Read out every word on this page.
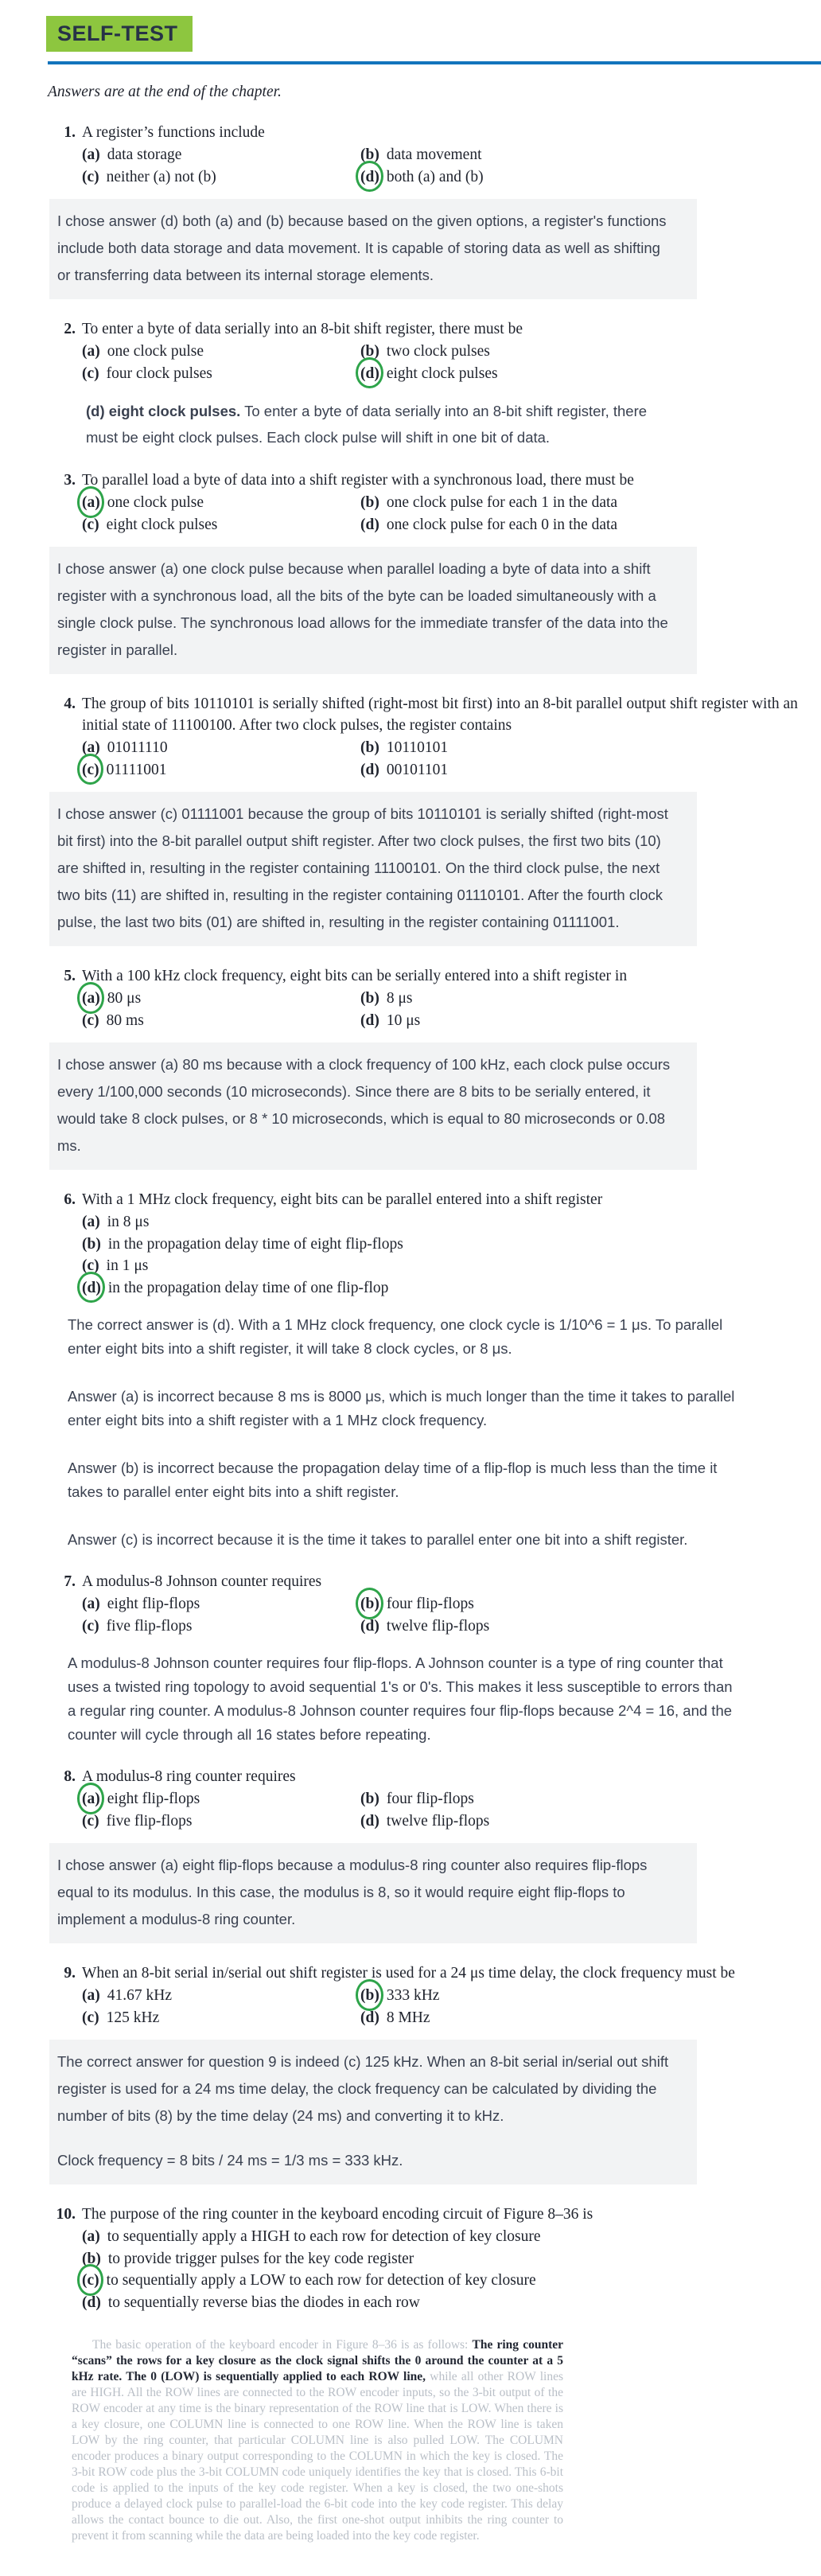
SELF-TEST

Answers are at the end of the chapter.

1. A register’s functions include
(a) data storage	(b) data movement
(c) neither (a) not (b)	(d) both (a) and (b)

I chose answer (d) both (a) and (b) because based on the given options, a register's functions include both data storage and data movement. It is capable of storing data as well as shifting or transferring data between its internal storage elements.

2. To enter a byte of data serially into an 8-bit shift register, there must be
(a) one clock pulse	(b) two clock pulses
(c) four clock pulses	(d) eight clock pulses

(d) eight clock pulses. To enter a byte of data serially into an 8-bit shift register, there must be eight clock pulses. Each clock pulse will shift in one bit of data.

3. To parallel load a byte of data into a shift register with a synchronous load, there must be
(a) one clock pulse	(b) one clock pulse for each 1 in the data
(c) eight clock pulses	(d) one clock pulse for each 0 in the data

I chose answer (a) one clock pulse because when parallel loading a byte of data into a shift register with a synchronous load, all the bits of the byte can be loaded simultaneously with a single clock pulse. The synchronous load allows for the immediate transfer of the data into the register in parallel.

4. The group of bits 10110101 is serially shifted (right-most bit first) into an 8-bit parallel output shift register with an initial state of 11100100. After two clock pulses, the register contains
(a) 01011110	(b) 10110101
(c) 01111001	(d) 00101101

I chose answer (c) 01111001 because the group of bits 10110101 is serially shifted (right-most bit first) into the 8-bit parallel output shift register. After two clock pulses, the first two bits (10) are shifted in, resulting in the register containing 11100101. On the third clock pulse, the next two bits (11) are shifted in, resulting in the register containing 01110101. After the fourth clock pulse, the last two bits (01) are shifted in, resulting in the register containing 01111001.

5. With a 100 kHz clock frequency, eight bits can be serially entered into a shift register in
(a) 80 μs	(b) 8 μs
(c) 80 ms	(d) 10 μs

I chose answer (a) 80 ms because with a clock frequency of 100 kHz, each clock pulse occurs every 1/100,000 seconds (10 microseconds). Since there are 8 bits to be serially entered, it would take 8 clock pulses, or 8 * 10 microseconds, which is equal to 80 microseconds or 0.08 ms.

6. With a 1 MHz clock frequency, eight bits can be parallel entered into a shift register
(a) in 8 μs
(b) in the propagation delay time of eight flip-flops
(c) in 1 μs
(d) in the propagation delay time of one flip-flop

The correct answer is (d). With a 1 MHz clock frequency, one clock cycle is 1/10^6 = 1 μs. To parallel enter eight bits into a shift register, it will take 8 clock cycles, or 8 μs.

Answer (a) is incorrect because 8 ms is 8000 μs, which is much longer than the time it takes to parallel enter eight bits into a shift register with a 1 MHz clock frequency.

Answer (b) is incorrect because the propagation delay time of a flip-flop is much less than the time it takes to parallel enter eight bits into a shift register.

Answer (c) is incorrect because it is the time it takes to parallel enter one bit into a shift register.

7. A modulus-8 Johnson counter requires
(a) eight flip-flops	(b) four flip-flops
(c) five flip-flops	(d) twelve flip-flops

A modulus-8 Johnson counter requires four flip-flops. A Johnson counter is a type of ring counter that uses a twisted ring topology to avoid sequential 1's or 0's. This makes it less susceptible to errors than a regular ring counter. A modulus-8 Johnson counter requires four flip-flops because 2^4 = 16, and the counter will cycle through all 16 states before repeating.

8. A modulus-8 ring counter requires
(a) eight flip-flops	(b) four flip-flops
(c) five flip-flops	(d) twelve flip-flops

I chose answer (a) eight flip-flops because a modulus-8 ring counter also requires flip-flops equal to its modulus. In this case, the modulus is 8, so it would require eight flip-flops to implement a modulus-8 ring counter.

9. When an 8-bit serial in/serial out shift register is used for a 24 μs time delay, the clock frequency must be
(a) 41.67 kHz	(b) 333 kHz
(c) 125 kHz	(d) 8 MHz

The correct answer for question 9 is indeed (c) 125 kHz. When an 8-bit serial in/serial out shift register is used for a 24 ms time delay, the clock frequency can be calculated by dividing the number of bits (8) by the time delay (24 ms) and converting it to kHz.

Clock frequency = 8 bits / 24 ms = 1/3 ms = 333 kHz.

10. The purpose of the ring counter in the keyboard encoding circuit of Figure 8–36 is
(a) to sequentially apply a HIGH to each row for detection of key closure
(b) to provide trigger pulses for the key code register
(c) to sequentially apply a LOW to each row for detection of key closure
(d) to sequentially reverse bias the diodes in each row

The basic operation of the keyboard encoder in Figure 8–36 is as follows: The ring counter “scans” the rows for a key closure as the clock signal shifts the 0 around the counter at a 5 kHz rate. The 0 (LOW) is sequentially applied to each ROW line, while all other ROW lines are HIGH. All the ROW lines are connected to the ROW encoder inputs, so the 3-bit output of the ROW encoder at any time is the binary representation of the ROW line that is LOW. When there is a key closure, one COLUMN line is connected to one ROW line. When the ROW line is taken LOW by the ring counter, that particular COLUMN line is also pulled LOW. The COLUMN encoder produces a binary output corresponding to the COLUMN in which the key is closed. The 3-bit ROW code plus the 3-bit COLUMN code uniquely identifies the key that is closed. This 6-bit code is applied to the inputs of the key code register. When a key is closed, the two one-shots produce a delayed clock pulse to parallel-load the 6-bit code into the key code register. This delay allows the contact bounce to die out. Also, the first one-shot output inhibits the ring counter to prevent it from scanning while the data are being loaded into the key code register.
